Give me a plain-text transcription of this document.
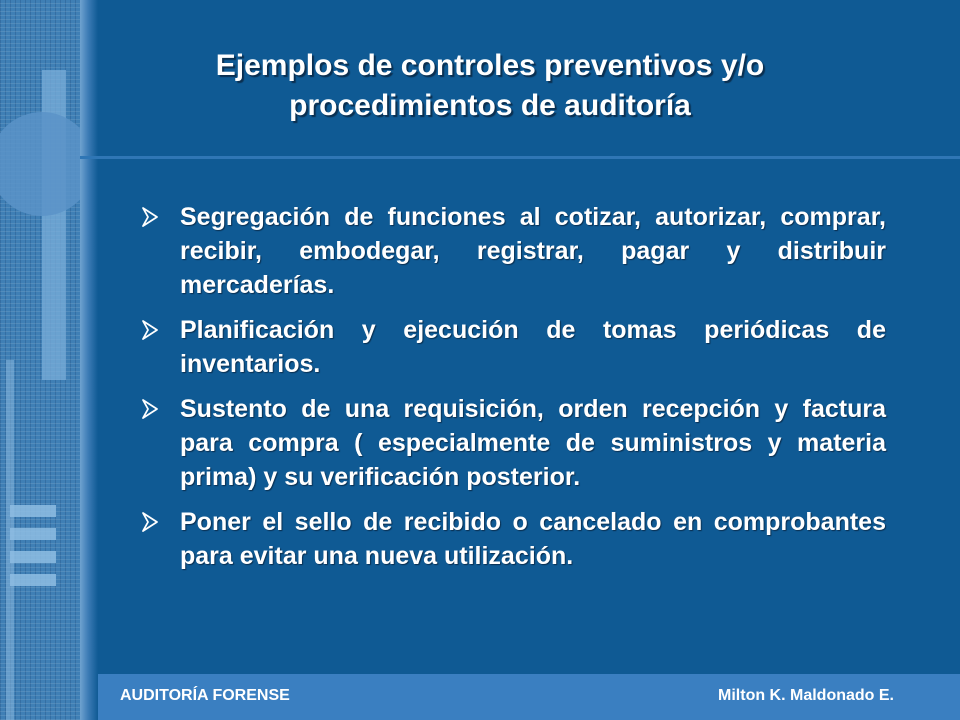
Ejemplos de controles preventivos y/o
procedimientos de auditoría
Segregación de funciones al cotizar, autorizar, comprar, recibir, embodegar, registrar, pagar y distribuir mercaderías.
Planificación y ejecución de tomas periódicas de inventarios.
Sustento de una requisición, orden recepción y factura para compra ( especialmente de suministros y materia prima) y su verificación posterior.
Poner el sello de recibido o cancelado en comprobantes para evitar una nueva utilización.
AUDITORÍA FORENSE	Milton K. Maldonado E.
